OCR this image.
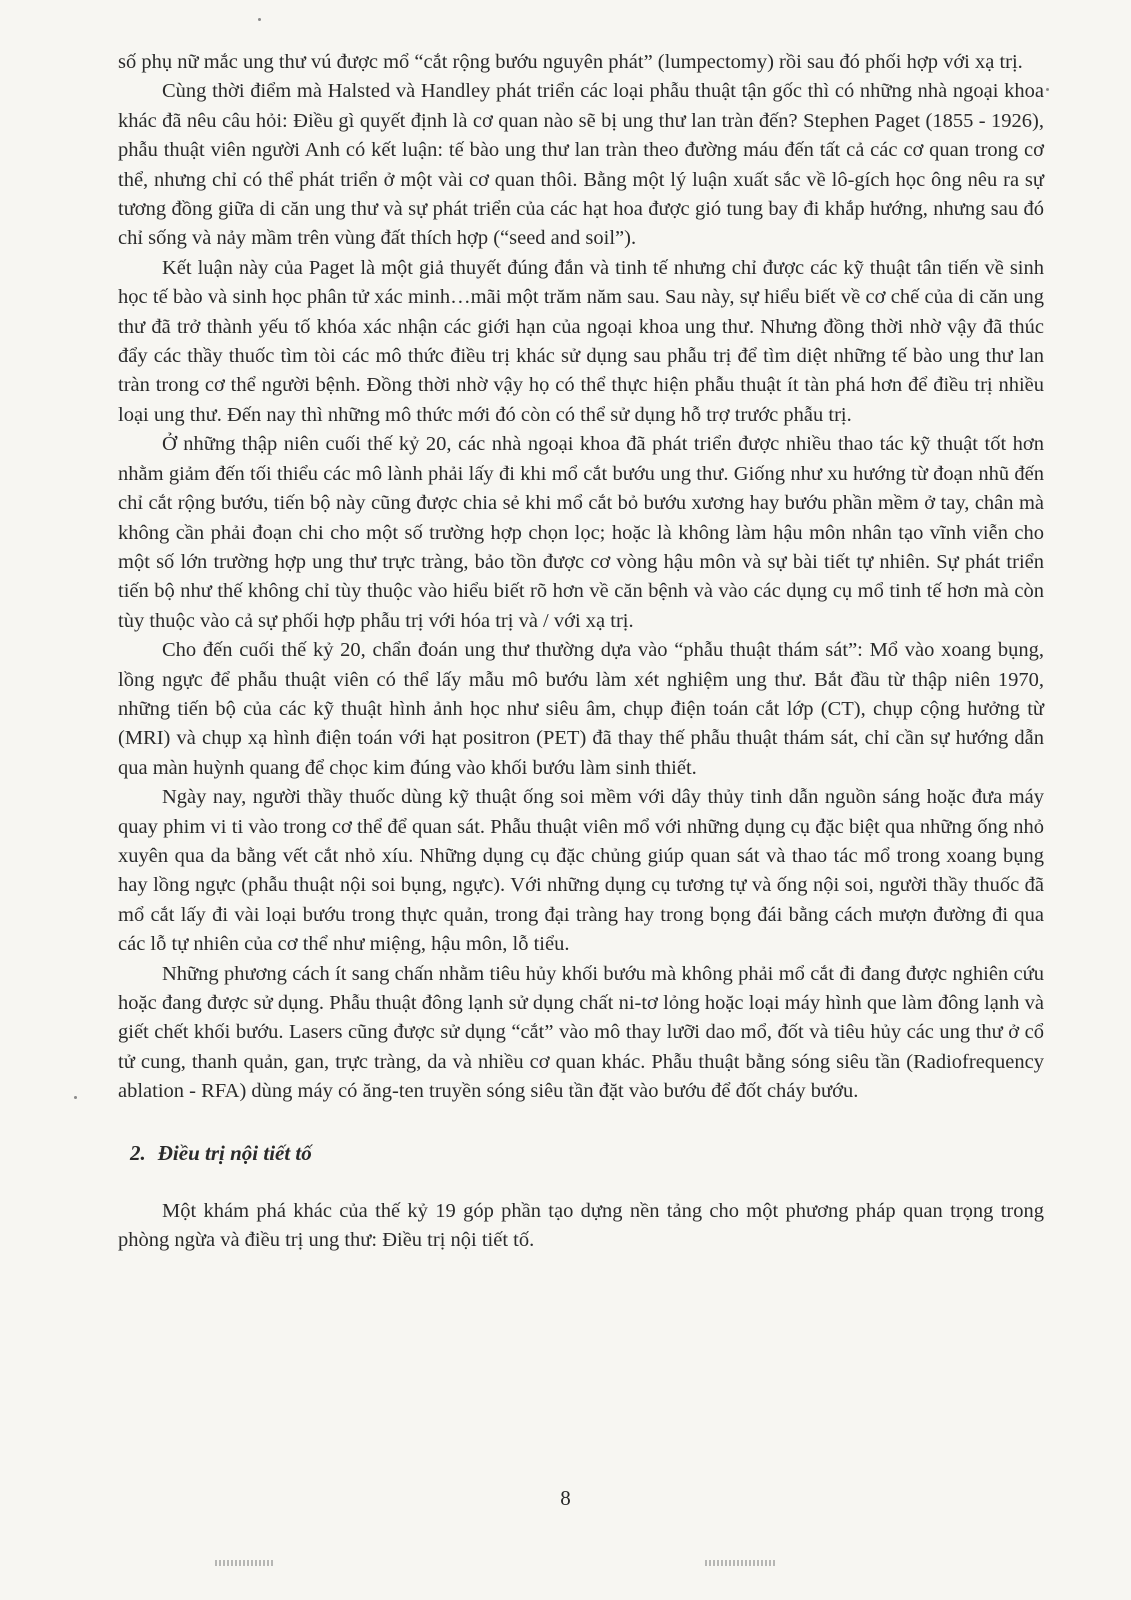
số phụ nữ mắc ung thư vú được mổ “cắt rộng bướu nguyên phát” (lumpectomy) rồi sau đó phối hợp với xạ trị.

Cùng thời điểm mà Halsted và Handley phát triển các loại phẫu thuật tận gốc thì có những nhà ngoại khoa khác đã nêu câu hỏi: Điều gì quyết định là cơ quan nào sẽ bị ung thư lan tràn đến? Stephen Paget (1855 - 1926), phẫu thuật viên người Anh có kết luận: tế bào ung thư lan tràn theo đường máu đến tất cả các cơ quan trong cơ thể, nhưng chỉ có thể phát triển ở một vài cơ quan thôi. Bằng một lý luận xuất sắc về lô-gích học ông nêu ra sự tương đồng giữa di căn ung thư và sự phát triển của các hạt hoa được gió tung bay đi khắp hướng, nhưng sau đó chỉ sống và nảy mầm trên vùng đất thích hợp (“seed and soil”).

Kết luận này của Paget là một giả thuyết đúng đắn và tinh tế nhưng chỉ được các kỹ thuật tân tiến về sinh học tế bào và sinh học phân tử xác minh…mãi một trăm năm sau. Sau này, sự hiểu biết về cơ chế của di căn ung thư đã trở thành yếu tố khóa xác nhận các giới hạn của ngoại khoa ung thư. Nhưng đồng thời nhờ vậy đã thúc đẩy các thầy thuốc tìm tòi các mô thức điều trị khác sử dụng sau phẫu trị để tìm diệt những tế bào ung thư lan tràn trong cơ thể người bệnh. Đồng thời nhờ vậy họ có thể thực hiện phẫu thuật ít tàn phá hơn để điều trị nhiều loại ung thư. Đến nay thì những mô thức mới đó còn có thể sử dụng hỗ trợ trước phẫu trị.

Ở những thập niên cuối thế kỷ 20, các nhà ngoại khoa đã phát triển được nhiều thao tác kỹ thuật tốt hơn nhằm giảm đến tối thiểu các mô lành phải lấy đi khi mổ cắt bướu ung thư. Giống như xu hướng từ đoạn nhũ đến chỉ cắt rộng bướu, tiến bộ này cũng được chia sẻ khi mổ cắt bỏ bướu xương hay bướu phần mềm ở tay, chân mà không cần phải đoạn chi cho một số trường hợp chọn lọc; hoặc là không làm hậu môn nhân tạo vĩnh viễn cho một số lớn trường hợp ung thư trực tràng, bảo tồn được cơ vòng hậu môn và sự bài tiết tự nhiên. Sự phát triển tiến bộ như thế không chỉ tùy thuộc vào hiểu biết rõ hơn về căn bệnh và vào các dụng cụ mổ tinh tế hơn mà còn tùy thuộc vào cả sự phối hợp phẫu trị với hóa trị và / với xạ trị.

Cho đến cuối thế kỷ 20, chẩn đoán ung thư thường dựa vào “phẫu thuật thám sát”: Mổ vào xoang bụng, lồng ngực để phẫu thuật viên có thể lấy mẫu mô bướu làm xét nghiệm ung thư. Bắt đầu từ thập niên 1970, những tiến bộ của các kỹ thuật hình ảnh học như siêu âm, chụp điện toán cắt lớp (CT), chụp cộng hưởng từ (MRI) và chụp xạ hình điện toán với hạt positron (PET) đã thay thế phẫu thuật thám sát, chỉ cần sự hướng dẫn qua màn huỳnh quang để chọc kim đúng vào khối bướu làm sinh thiết.

Ngày nay, người thầy thuốc dùng kỹ thuật ống soi mềm với dây thủy tinh dẫn nguồn sáng hoặc đưa máy quay phim vi ti vào trong cơ thể để quan sát. Phẫu thuật viên mổ với những dụng cụ đặc biệt qua những ống nhỏ xuyên qua da bằng vết cắt nhỏ xíu. Những dụng cụ đặc chủng giúp quan sát và thao tác mổ trong xoang bụng hay lồng ngực (phẫu thuật nội soi bụng, ngực). Với những dụng cụ tương tự và ống nội soi, người thầy thuốc đã mổ cắt lấy đi vài loại bướu trong thực quản, trong đại tràng hay trong bọng đái bằng cách mượn đường đi qua các lỗ tự nhiên của cơ thể như miệng, hậu môn, lỗ tiểu.

Những phương cách ít sang chấn nhằm tiêu hủy khối bướu mà không phải mổ cắt đi đang được nghiên cứu hoặc đang được sử dụng. Phẫu thuật đông lạnh sử dụng chất ni-tơ lỏng hoặc loại máy hình que làm đông lạnh và giết chết khối bướu. Lasers cũng được sử dụng “cắt” vào mô thay lưỡi dao mổ, đốt và tiêu hủy các ung thư ở cổ tử cung, thanh quản, gan, trực tràng, da và nhiều cơ quan khác. Phẫu thuật bằng sóng siêu tần (Radiofrequency ablation - RFA) dùng máy có ăng-ten truyền sóng siêu tần đặt vào bướu để đốt cháy bướu.

2. Điều trị nội tiết tố

Một khám phá khác của thế kỷ 19 góp phần tạo dựng nền tảng cho một phương pháp quan trọng trong phòng ngừa và điều trị ung thư: Điều trị nội tiết tố.

8
